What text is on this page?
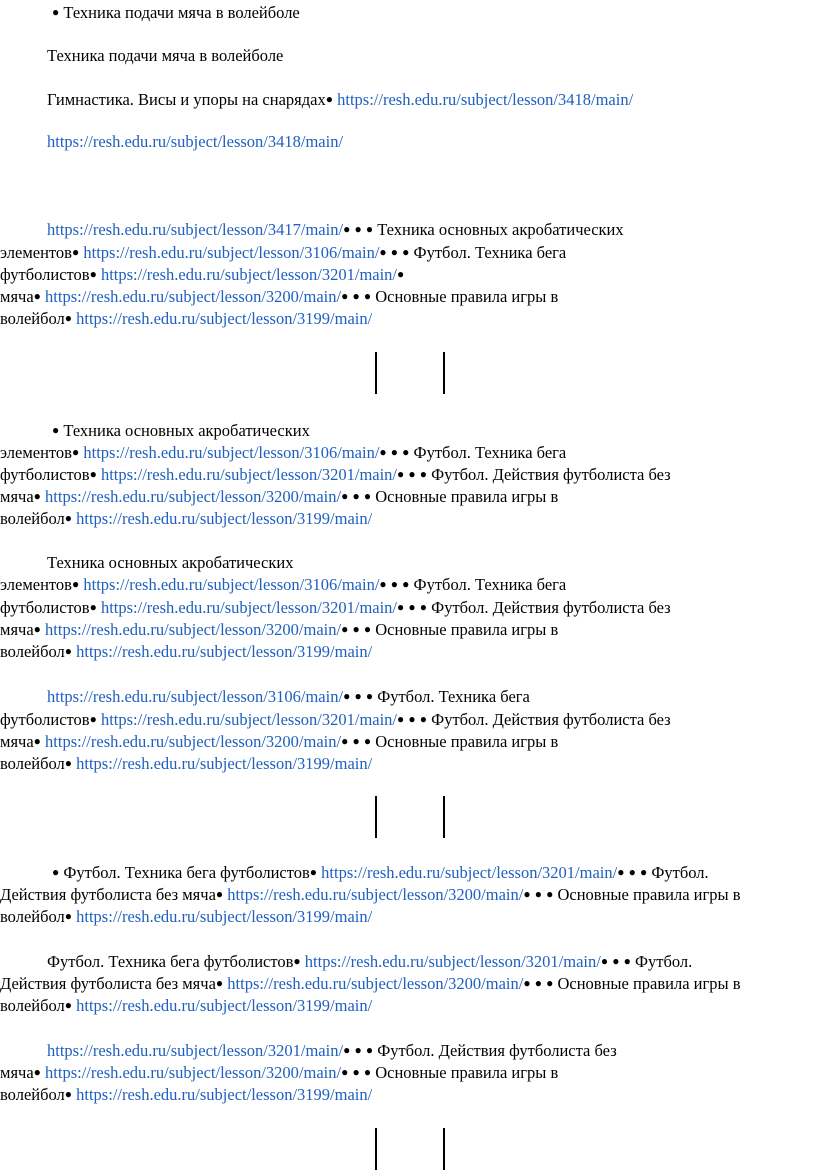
● Техника подачи мяча в волейболе
Техника подачи мяча в волейболе
Гимнастика. Висы и упоры на снарядах● https://resh.edu.ru/subject/lesson/3418/main/
https://resh.edu.ru/subject/lesson/3418/main/
https://resh.edu.ru/subject/lesson/3417/main/● ● ● Техника основных акробатических
элементов● https://resh.edu.ru/subject/lesson/3106/main/● ● ● Футбол. Техника бега
футболистов● https://resh.edu.ru/subject/lesson/3201/main/●
мяча● https://resh.edu.ru/subject/lesson/3200/main/● ● ● Основные правила игры в
волейбол● https://resh.edu.ru/subject/lesson/3199/main/
● Техника основных акробатических
элементов● https://resh.edu.ru/subject/lesson/3106/main/● ● ● Футбол. Техника бега
футболистов● https://resh.edu.ru/subject/lesson/3201/main/● ● ● Футбол. Действия футболиста без
мяча● https://resh.edu.ru/subject/lesson/3200/main/● ● ● Основные правила игры в
волейбол● https://resh.edu.ru/subject/lesson/3199/main/
Техника основных акробатических
элементов● https://resh.edu.ru/subject/lesson/3106/main/● ● ● Футбол. Техника бега
футболистов● https://resh.edu.ru/subject/lesson/3201/main/● ● ● Футбол. Действия футболиста без
мяча● https://resh.edu.ru/subject/lesson/3200/main/● ● ● Основные правила игры в
волейбол● https://resh.edu.ru/subject/lesson/3199/main/
https://resh.edu.ru/subject/lesson/3106/main/● ● ● Футбол. Техника бега
футболистов● https://resh.edu.ru/subject/lesson/3201/main/● ● ● Футбол. Действия футболиста без
мяча● https://resh.edu.ru/subject/lesson/3200/main/● ● ● Основные правила игры в
волейбол● https://resh.edu.ru/subject/lesson/3199/main/
● Футбол. Техника бега футболистов● https://resh.edu.ru/subject/lesson/3201/main/● ● ● Футбол.
Действия футболиста без мяча● https://resh.edu.ru/subject/lesson/3200/main/● ● ● Основные правила игры в
волейбол● https://resh.edu.ru/subject/lesson/3199/main/
Футбол. Техника бега футболистов● https://resh.edu.ru/subject/lesson/3201/main/● ● ● Футбол.
Действия футболиста без мяча● https://resh.edu.ru/subject/lesson/3200/main/● ● ● Основные правила игры в
волейбол● https://resh.edu.ru/subject/lesson/3199/main/
https://resh.edu.ru/subject/lesson/3201/main/● ● ● Футбол. Действия футболиста без
мяча● https://resh.edu.ru/subject/lesson/3200/main/● ● ● Основные правила игры в
волейбол● https://resh.edu.ru/subject/lesson/3199/main/
